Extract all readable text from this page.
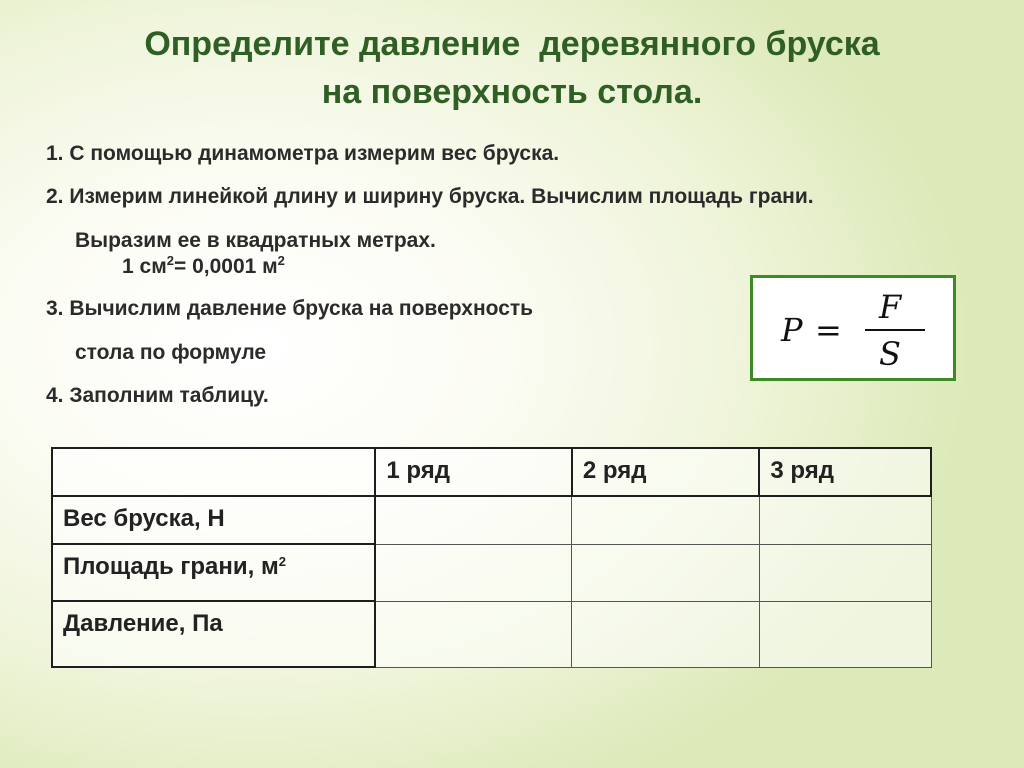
Определите давление  деревянного бруска
на поверхность стола.
1. С помощью динамометра измерим вес бруска.
2. Измерим линейкой длину и ширину бруска. Вычислим площадь грани.
Выразим ее в квадратных метрах.
1 $см^2= 0,0001$ $м^2$
3. Вычислим давление бруска на поверхность
стола по формуле
4. Заполним таблицу.
P =
F
S
	1 ряд	2 ряд	3 ряд
Вес бруска, Н			
Площадь грани, $м^2$			
Давление, Па			
